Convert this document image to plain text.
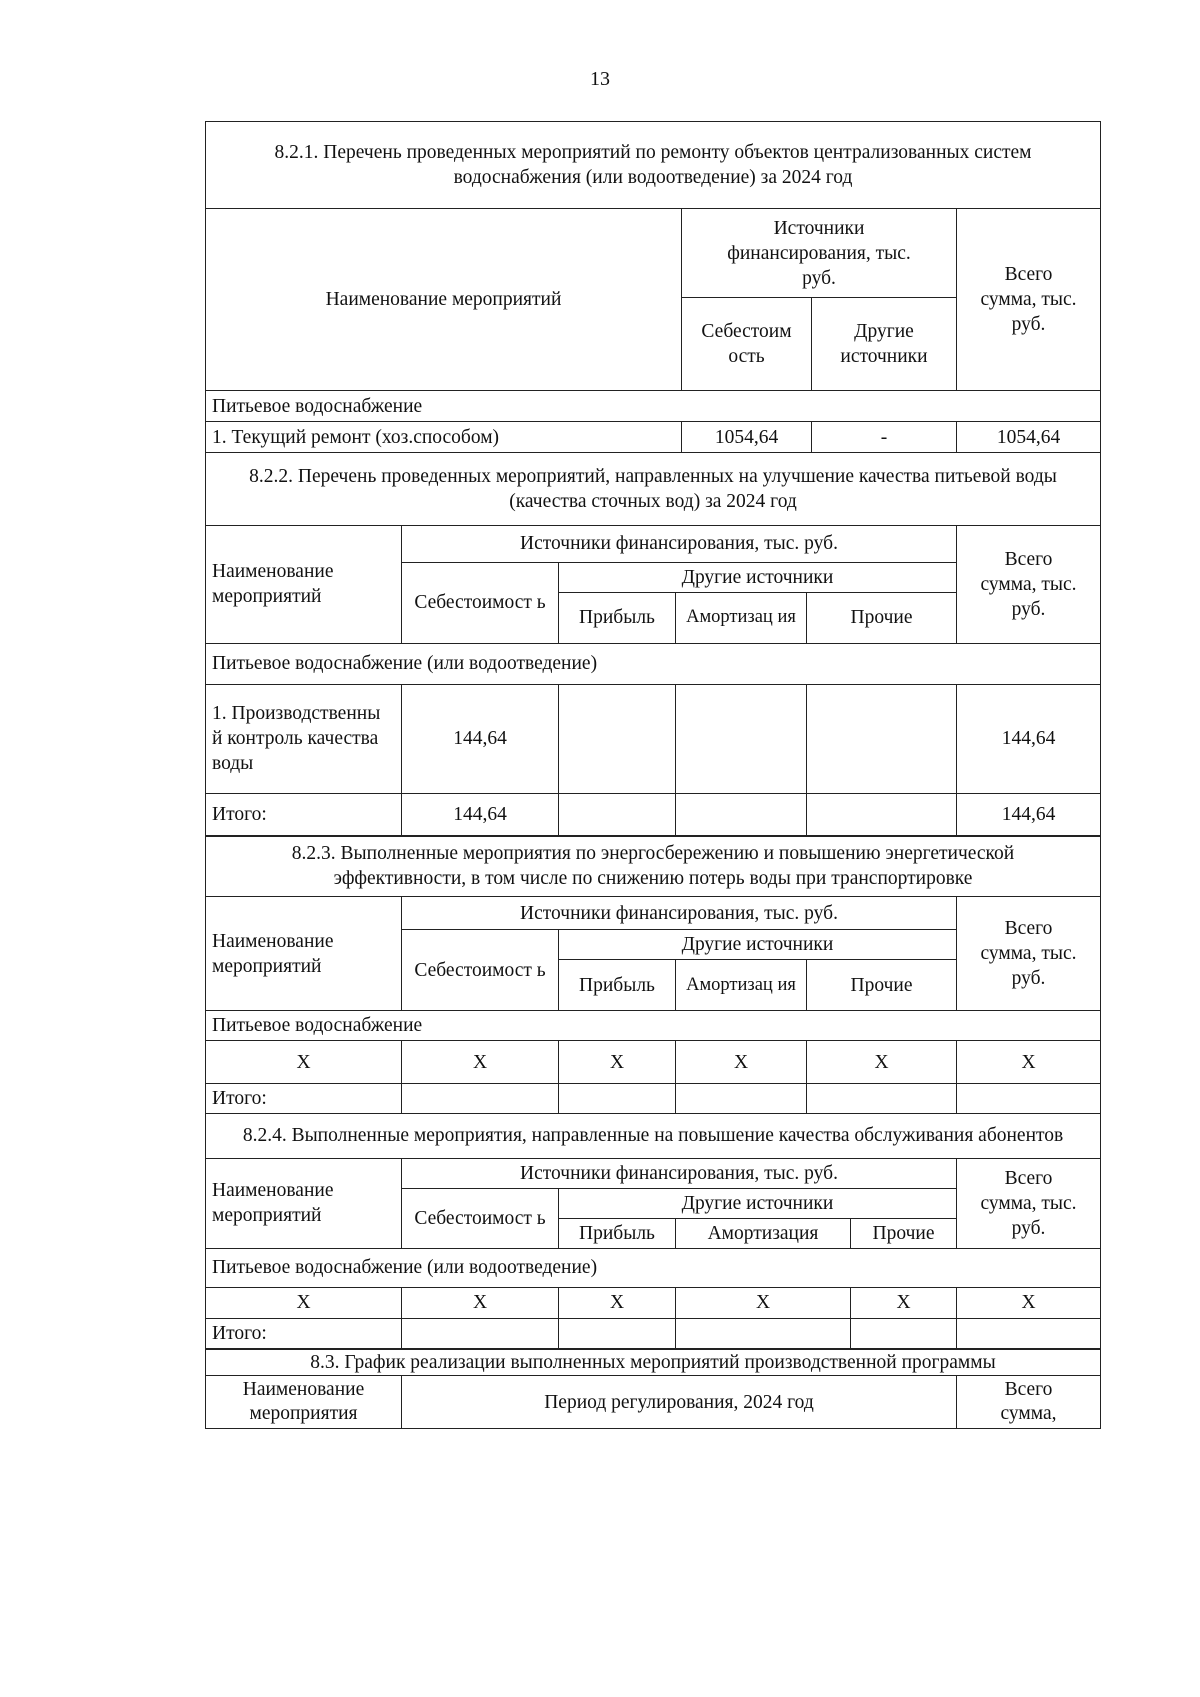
13
8.2.1. Перечень проведенных мероприятий по ремонту объектов централизованных систем водоснабжения (или водоотведение) за 2024 год			
Наименование мероприятий	Источники финансирования, тыс. руб.		Всего сумма, тыс. руб.
	Себестоим ость	Другие источники	
Питьевое водоснабжение			
1. Текущий ремонт (хоз.способом)	1054,64	-	1054,64
8.2.2. Перечень проведенных мероприятий, направленных на улучшение качества питьевой воды (качества сточных вод) за 2024 год					
Наименование мероприятий	Источники финансирования, тыс. руб.				Всего сумма, тыс. руб.
	Себестоимост ь	Другие источники			
		Прибыль	Амортизац ия	Прочие	
Питьевое водоснабжение (или водоотведение)					
1. Производственны й контроль качества воды	144,64				144,64
Итого:	144,64				144,64
8.2.3. Выполненные мероприятия по энергосбережению и повышению энергетической эффективности, в том числе по снижению потерь воды при транспортировке					
Наименование мероприятий	Источники финансирования, тыс. руб.				Всего сумма, тыс. руб.
	Себестоимост ь	Другие источники			
		Прибыль	Амортизац ия	Прочие	
Питьевое водоснабжение					
Х	Х	Х	Х	Х	Х
Итого:					
8.2.4. Выполненные мероприятия, направленные на повышение качества обслуживания абонентов					
Наименование мероприятий	Источники финансирования, тыс. руб.				Всего сумма, тыс. руб.
	Себестоимост ь	Другие источники			
		Прибыль	Амортизация	Прочие	
Питьевое водоснабжение (или водоотведение)					
Х	Х	Х	Х	Х	Х
Итого:					
8.3. График реализации выполненных мероприятий производственной программы
Наименование мероприятия	Период регулирования, 2024 год	Всего сумма,
